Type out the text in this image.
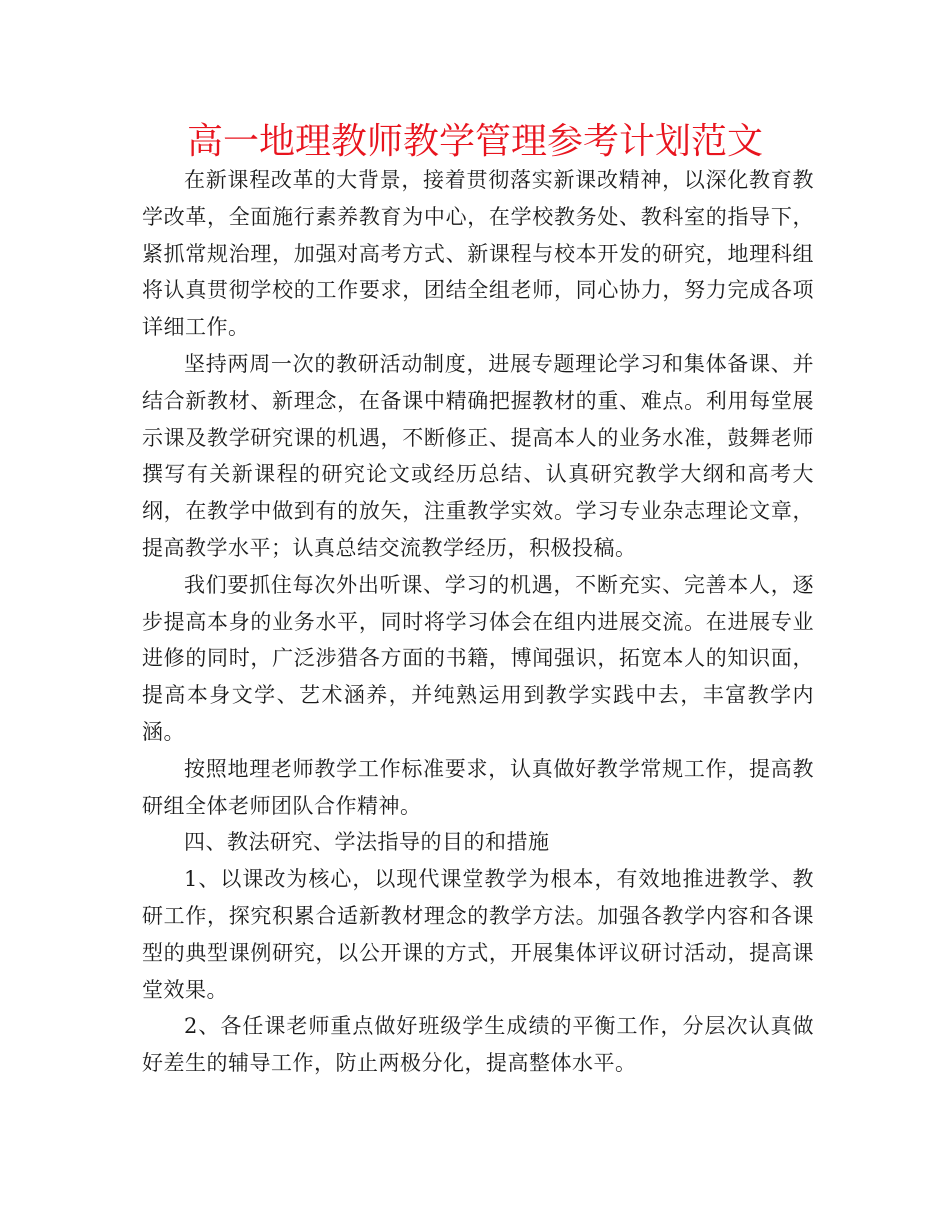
高一地理教师教学管理参考计划范文

在新课程改革的大背景，接着贯彻落实新课改精神，以深化教育教学改革，全面施行素养教育为中心，在学校教务处、教科室的指导下，紧抓常规治理，加强对高考方式、新课程与校本开发的研究，地理科组将认真贯彻学校的工作要求，团结全组老师，同心协力，努力完成各项详细工作。

坚持两周一次的教研活动制度，进展专题理论学习和集体备课、并结合新教材、新理念，在备课中精确把握教材的重、难点。利用每堂展示课及教学研究课的机遇，不断修正、提高本人的业务水准，鼓舞老师撰写有关新课程的研究论文或经历总结、认真研究教学大纲和高考大纲，在教学中做到有的放矢，注重教学实效。学习专业杂志理论文章，提高教学水平；认真总结交流教学经历，积极投稿。

我们要抓住每次外出听课、学习的机遇，不断充实、完善本人，逐步提高本身的业务水平，同时将学习体会在组内进展交流。在进展专业进修的同时，广泛涉猎各方面的书籍，博闻强识，拓宽本人的知识面，提高本身文学、艺术涵养，并纯熟运用到教学实践中去，丰富教学内涵。

按照地理老师教学工作标准要求，认真做好教学常规工作，提高教研组全体老师团队合作精神。

四、教法研究、学法指导的目的和措施

1、以课改为核心，以现代课堂教学为根本，有效地推进教学、教研工作，探究积累合适新教材理念的教学方法。加强各教学内容和各课型的典型课例研究，以公开课的方式，开展集体评议研讨活动，提高课堂效果。

2、各任课老师重点做好班级学生成绩的平衡工作，分层次认真做好差生的辅导工作，防止两极分化，提高整体水平。
